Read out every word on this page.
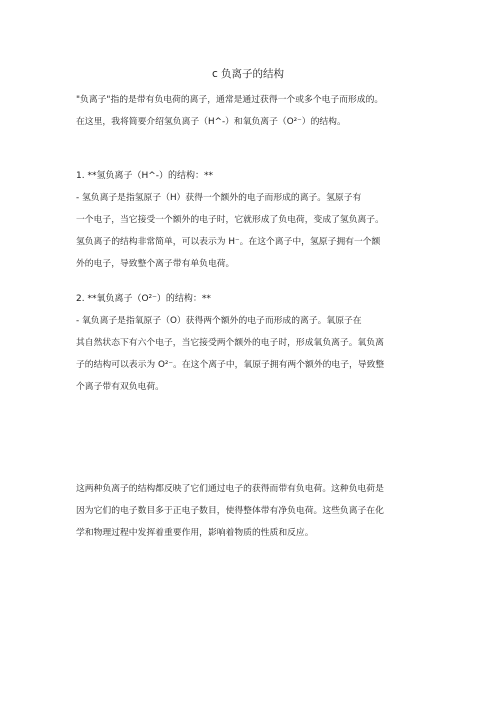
c 负离子的结构
"负离子"指的是带有负电荷的离子，通常是通过获得一个或多个电子而形成的。
在这里，我将简要介绍氢负离子（H^-）和氧负离子（O²⁻）的结构。
1. **氢负离子（H^-）的结构：**
- 氢负离子是指氢原子（H）获得一个额外的电子而形成的离子。氢原子有
一个电子，当它接受一个额外的电子时，它就形成了负电荷，变成了氢负离子。
氢负离子的结构非常简单，可以表示为 H⁻。在这个离子中，氢原子拥有一个额
外的电子，导致整个离子带有单负电荷。
2. **氧负离子（O²⁻）的结构：**
- 氧负离子是指氧原子（O）获得两个额外的电子而形成的离子。氧原子在
其自然状态下有六个电子，当它接受两个额外的电子时，形成氧负离子。氧负离
子的结构可以表示为 O²⁻。在这个离子中，氧原子拥有两个额外的电子，导致整
个离子带有双负电荷。
这两种负离子的结构都反映了它们通过电子的获得而带有负电荷。这种负电荷是
因为它们的电子数目多于正电子数目，使得整体带有净负电荷。这些负离子在化
学和物理过程中发挥着重要作用，影响着物质的性质和反应。
